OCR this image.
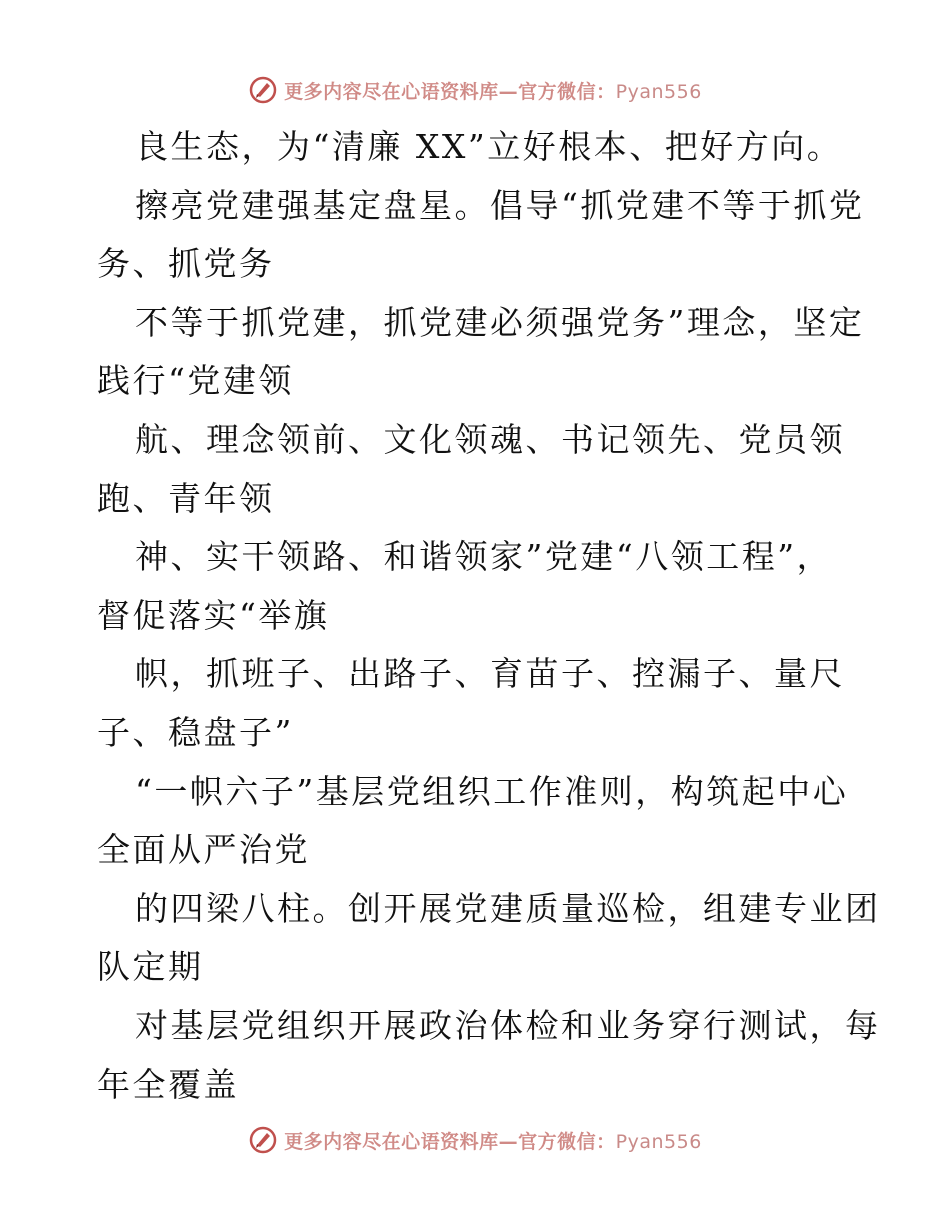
更多内容尽在心语资料库—官方微信：Pyan556
良生态，为“清廉 XX”立好根本、把好方向。
擦亮党建强基定盘星。倡导“抓党建不等于抓党
务、抓党务
不等于抓党建，抓党建必须强党务”理念，坚定
践行“党建领
航、理念领前、文化领魂、书记领先、党员领
跑、青年领
神、实干领路、和谐领家”党建“八领工程”，
督促落实“举旗
帜，抓班子、出路子、育苗子、控漏子、量尺
子、稳盘子”
“一帜六子”基层党组织工作准则，构筑起中心
全面从严治党
的四梁八柱。创开展党建质量巡检，组建专业团
队定期
对基层党组织开展政治体检和业务穿行测试，每
年全覆盖
更多内容尽在心语资料库—官方微信：Pyan556
